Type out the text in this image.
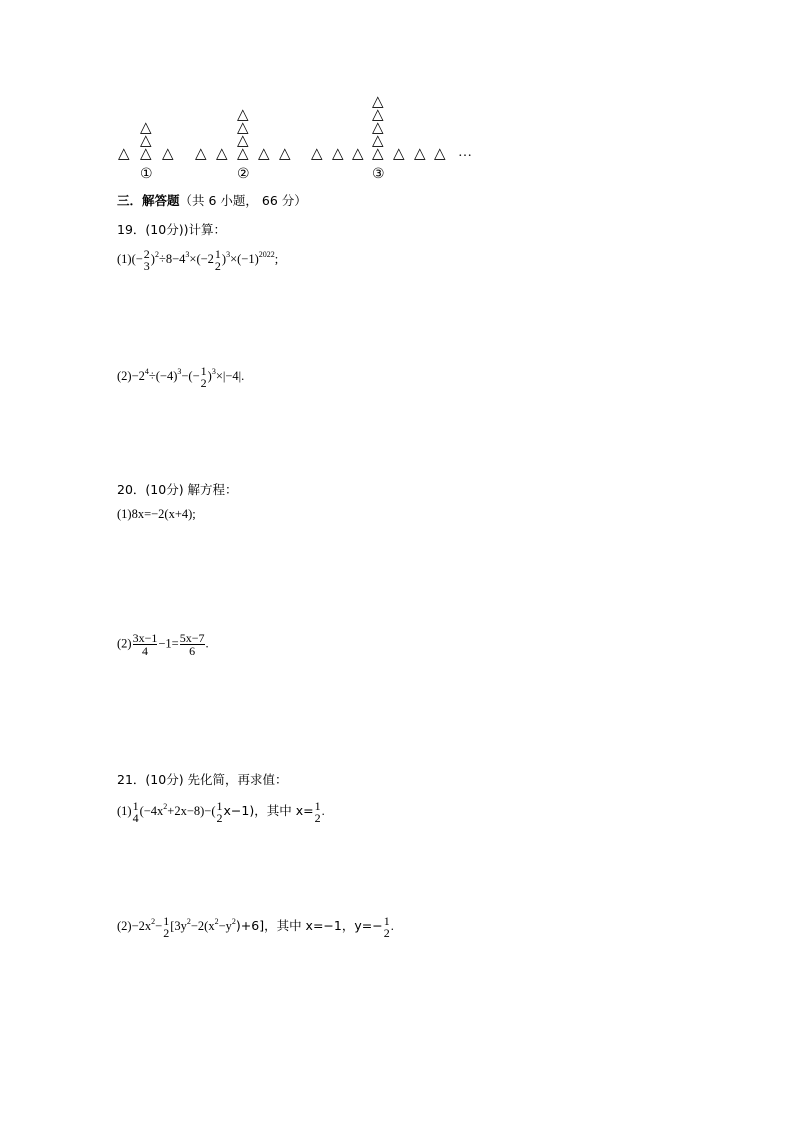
△
△
△
△ △ △ △
△
△
△
△ △ △ △ △ △
△
△
△
△
△ △ △ △ …
①	②	③
三．解答题（共 6 小题， 66 分）
19．(10分))计算：
(1)(− 2
3
)$^2\div 8-4^3\times(-2$ 1
2
)$^3\times(-1)^{2022}$;
$(2)-2^4\div(-4)^3-(- 1$
2
)$^3$×|−4|.
20．(10分) 解方程：
(1)8x=−2(x+4);
$(2) \frac{3x-1}{4} -1= \frac{5x-7}{6}$ .
21．(10分) 先化简，再求值：
(1) 1
4
$(-4x^2+2x-8)-$( 1
2
x−1)，其中 x= 1
2
.
$(2)-2x^2- 1$
2
$[3y^2-2(x^2-y^2)+6]$，其中 x=−1，y=− 1
2
.
